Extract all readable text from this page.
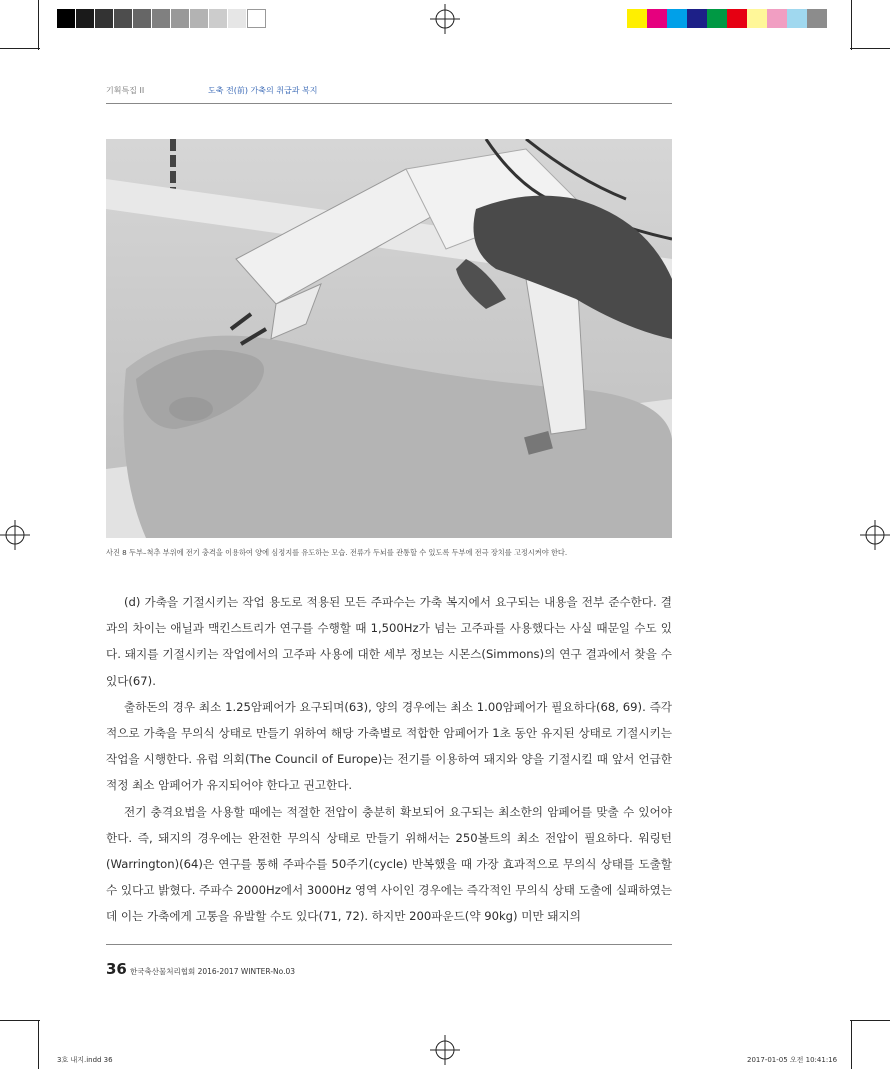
기획특집 II	도축 전(前) 가축의 취급과 복지
사진 8 두부–척추 부위에 전기 충격을 이용하여 양에 심정지를 유도하는 모습. 전류가 두뇌를 관통할 수 있도록 두부에 전극 장치를 고정시켜야 한다.

(d) 가축을 기절시키는 작업 용도로 적용된 모든 주파수는 가축 복지에서 요구되는 내용을 전부 준수한다. 결과의 차이는 애닐과 맥킨스트리가 연구를 수행할 때 1,500Hz가 넘는 고주파를 사용했다는 사실 때문일 수도 있다. 돼지를 기절시키는 작업에서의 고주파 사용에 대한 세부 정보는 시몬스(Simmons)의 연구 결과에서 찾을 수 있다(67).

출하돈의 경우 최소 1.25암페어가 요구되며(63), 양의 경우에는 최소 1.00암페어가 필요하다(68, 69). 즉각적으로 가축을 무의식 상태로 만들기 위하여 해당 가축별로 적합한 암페어가 1초 동안 유지된 상태로 기절시키는 작업을 시행한다. 유럽 의회(The Council of Europe)는 전기를 이용하여 돼지와 양을 기절시킬 때 앞서 언급한 적정 최소 암페어가 유지되어야 한다고 권고한다.

전기 충격요법을 사용할 때에는 적절한 전압이 충분히 확보되어 요구되는 최소한의 암페어를 맞출 수 있어야 한다. 즉, 돼지의 경우에는 완전한 무의식 상태로 만들기 위해서는 250볼트의 최소 전압이 필요하다. 워링턴(Warrington)(64)은 연구를 통해 주파수를 50주기(cycle) 반복했을 때 가장 효과적으로 무의식 상태를 도출할 수 있다고 밝혔다. 주파수 2000Hz에서 3000Hz 영역 사이인 경우에는 즉각적인 무의식 상태 도출에 실패하였는데 이는 가축에게 고통을 유발할 수도 있다(71, 72). 하지만 200파운드(약 90kg) 미만 돼지의

36 한국축산물처리협회 2016-2017 WINTER-No.03
3호 내지.indd 36	2017-01-05 오전 10:41:16
